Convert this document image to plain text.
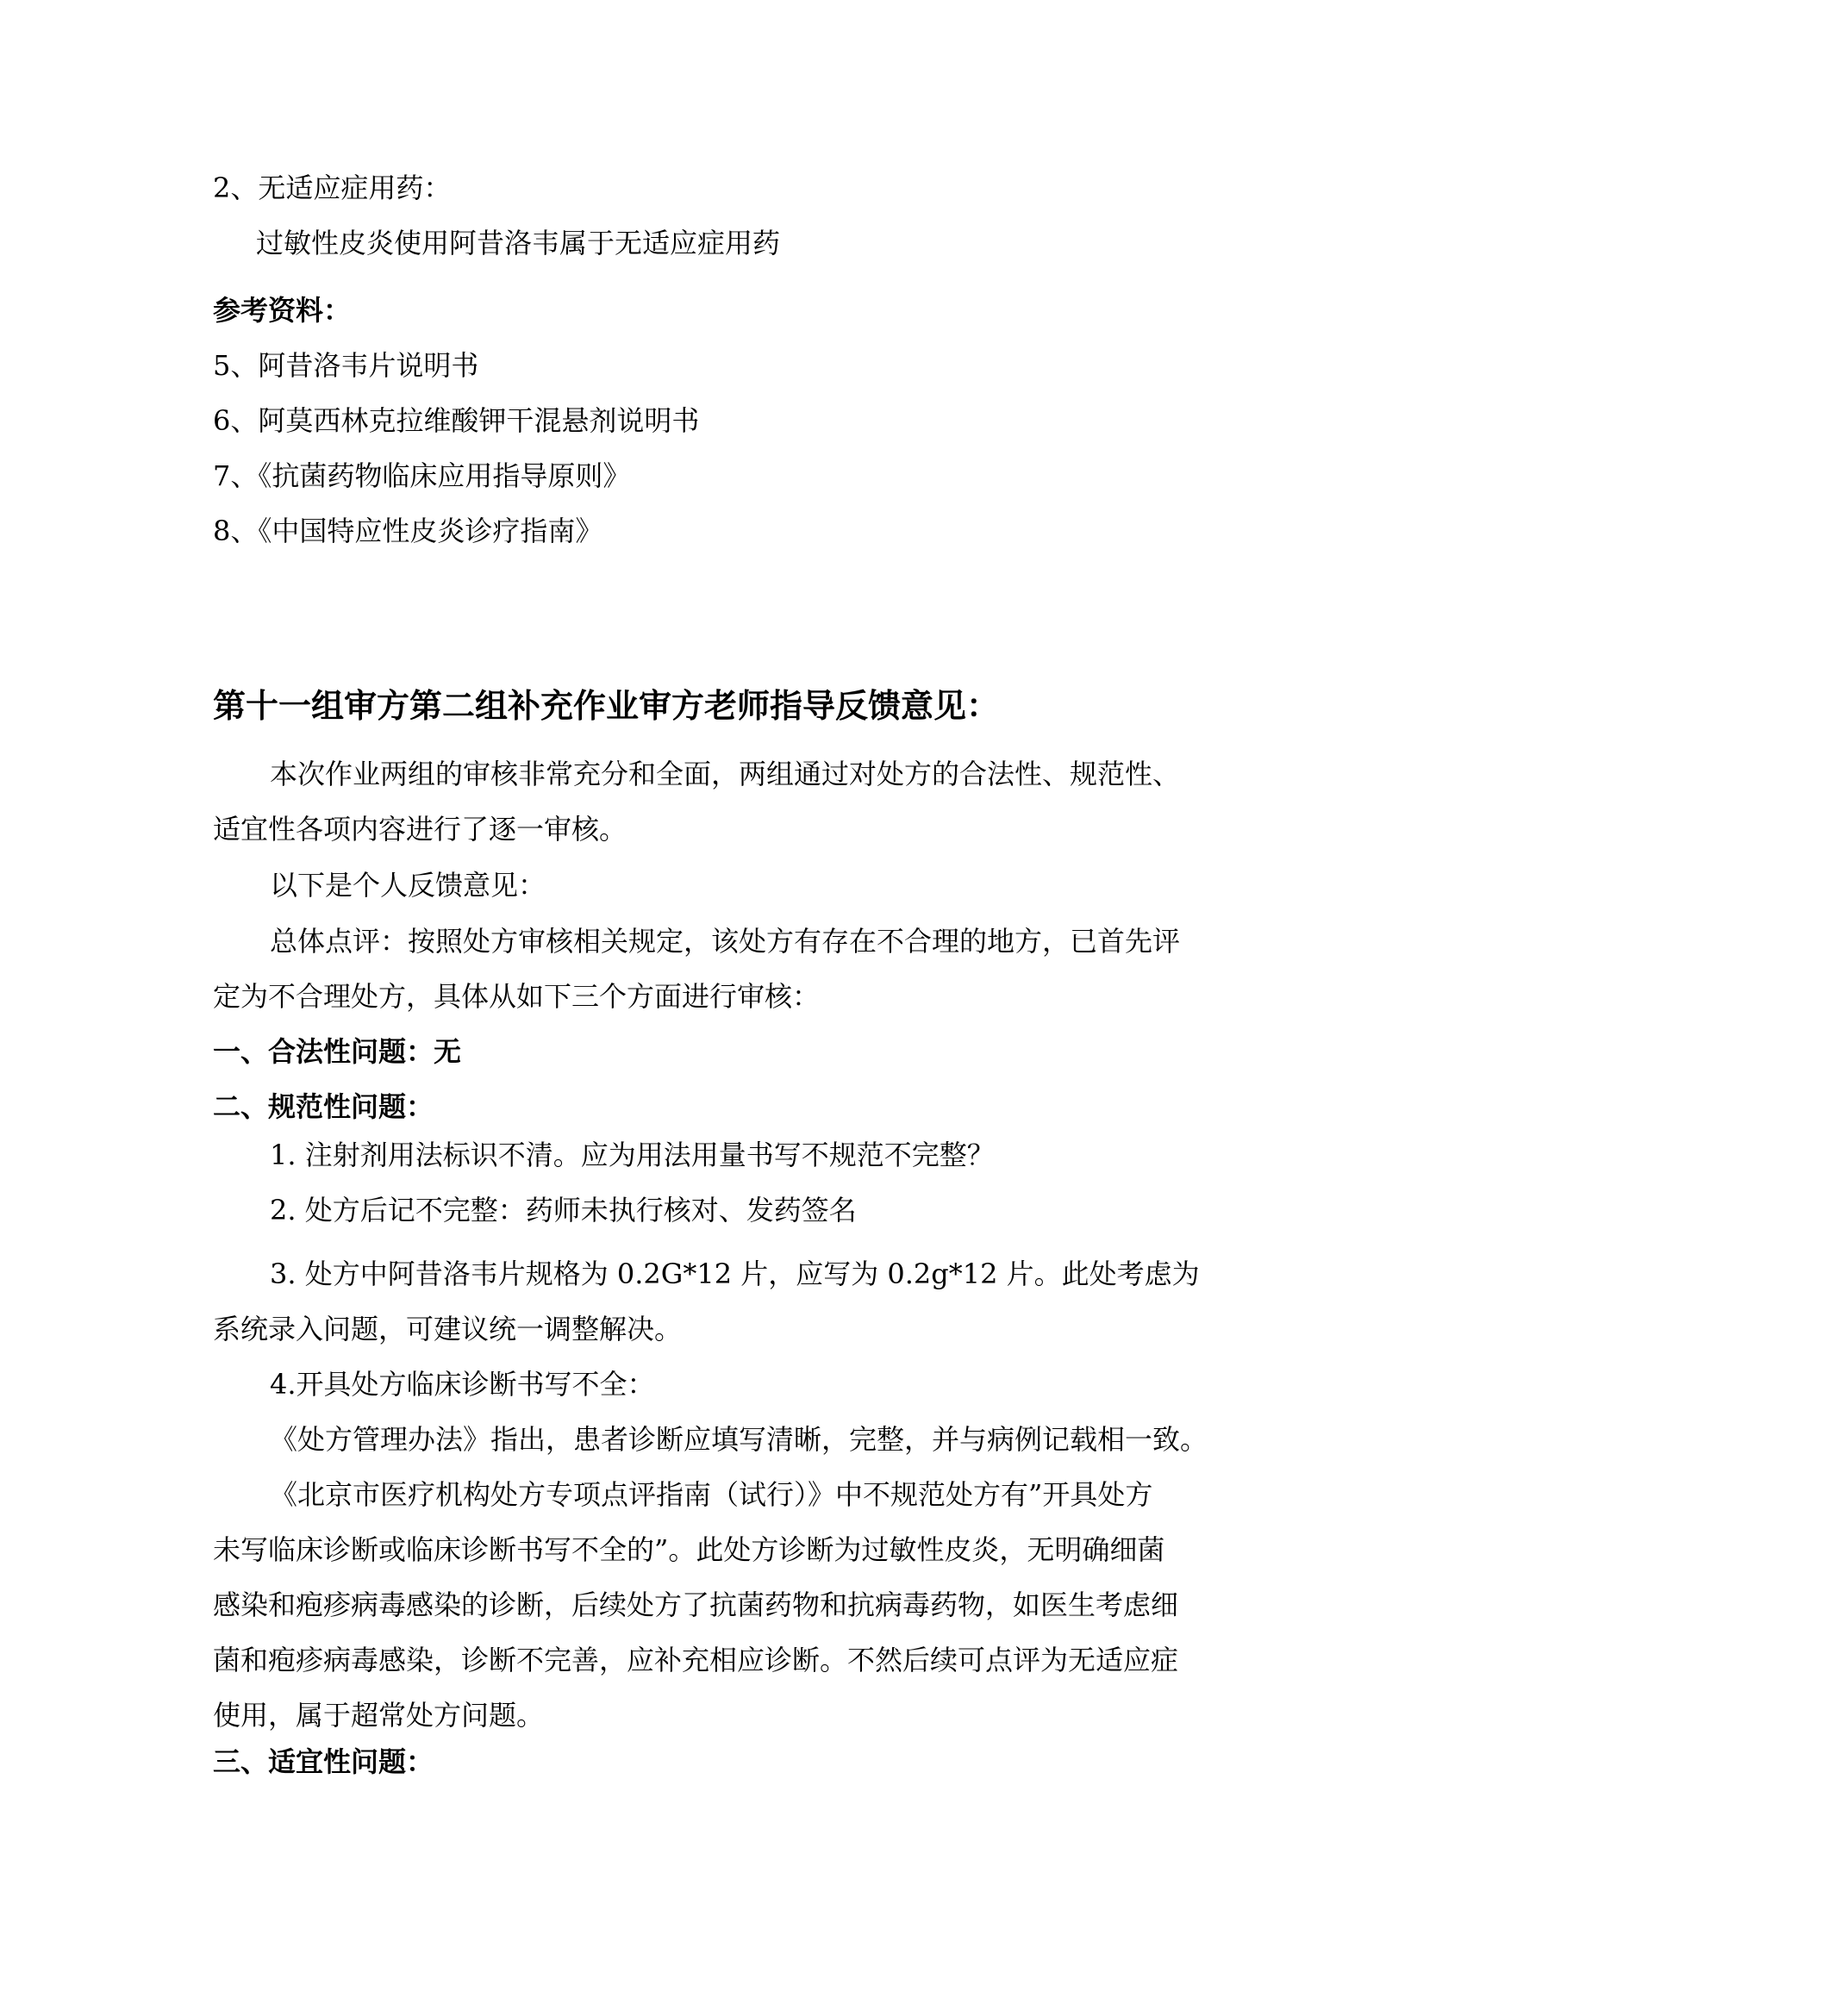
2、无适应症用药：
过敏性皮炎使用阿昔洛韦属于无适应症用药
参考资料：
5、阿昔洛韦片说明书
6、阿莫西林克拉维酸钾干混悬剂说明书
7、《抗菌药物临床应用指导原则》
8、《中国特应性皮炎诊疗指南》
第十一组审方第二组补充作业审方老师指导反馈意见：
本次作业两组的审核非常充分和全面，两组通过对处方的合法性、规范性、
适宜性各项内容进行了逐一审核。
以下是个人反馈意见：
总体点评：按照处方审核相关规定，该处方有存在不合理的地方，已首先评
定为不合理处方，具体从如下三个方面进行审核：
一、合法性问题：无
二、规范性问题：
1. 注射剂用法标识不清。应为用法用量书写不规范不完整？
2. 处方后记不完整：药师未执行核对、发药签名
3. 处方中阿昔洛韦片规格为 0.2G*12 片，应写为 0.2g*12 片。此处考虑为
系统录入问题，可建议统一调整解决。
4.开具处方临床诊断书写不全：
《处方管理办法》指出，患者诊断应填写清晰，完整，并与病例记载相一致。
《北京市医疗机构处方专项点评指南（试行）》中不规范处方有”开具处方
未写临床诊断或临床诊断书写不全的”。此处方诊断为过敏性皮炎，无明确细菌
感染和疱疹病毒感染的诊断，后续处方了抗菌药物和抗病毒药物，如医生考虑细
菌和疱疹病毒感染，诊断不完善，应补充相应诊断。不然后续可点评为无适应症
使用，属于超常处方问题。
三、适宜性问题：
